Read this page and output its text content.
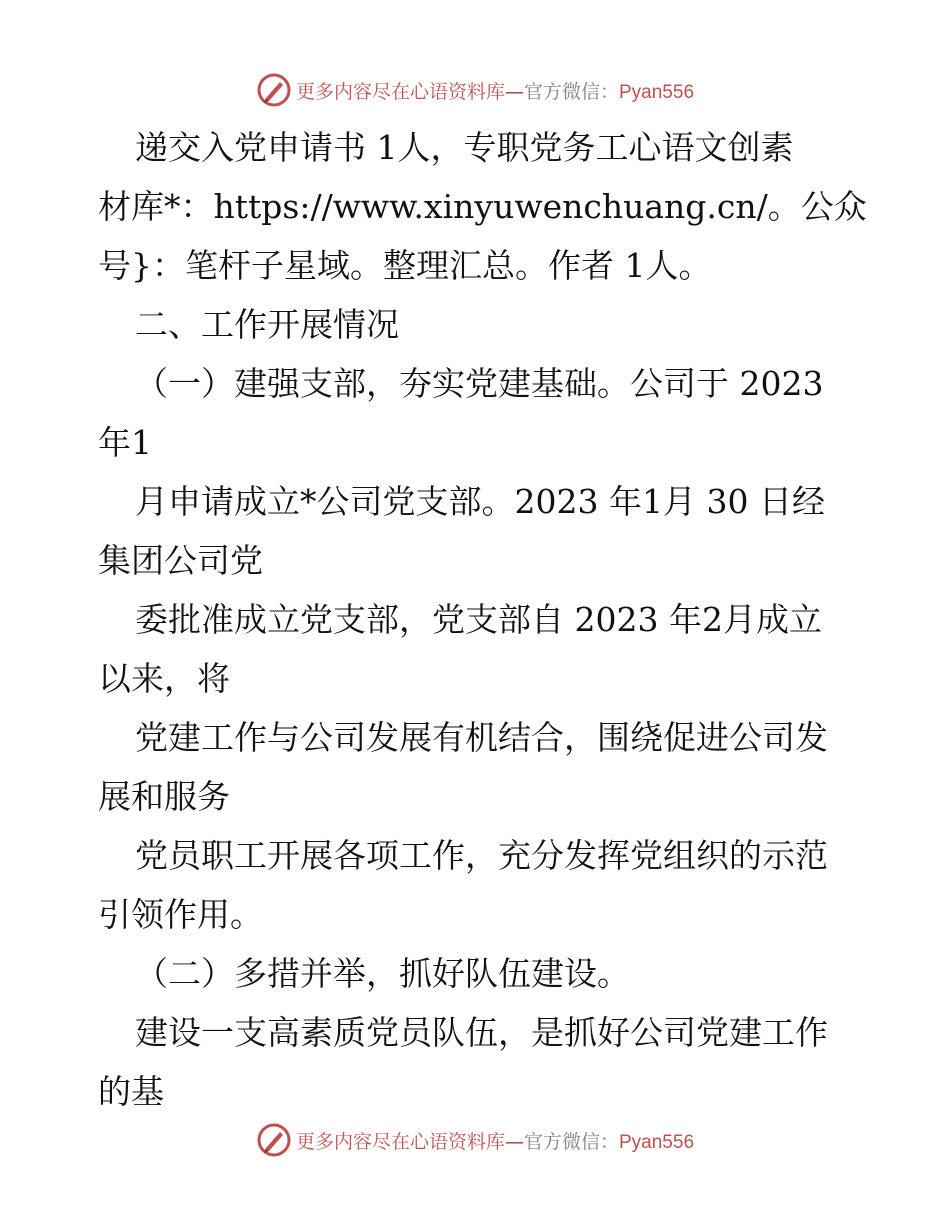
更多内容尽在心语资料库—官方微信：Pyan556

递交入党申请书 1人，专职党务工心语文创素

材库*：https://www.xinyuwenchuang.cn/。公众

号}：笔杆子星域。整理汇总。作者 1人。

二、工作开展情况

（一）建强支部，夯实党建基础。公司于 2023

年1

月申请成立*公司党支部。2023 年1月 30 日经

集团公司党

委批准成立党支部，党支部自 2023 年2月成立

以来，将

党建工作与公司发展有机结合，围绕促进公司发

展和服务

党员职工开展各项工作，充分发挥党组织的示范

引领作用。

（二）多措并举，抓好队伍建设。

建设一支高素质党员队伍，是抓好公司党建工作

的基

更多内容尽在心语资料库—官方微信：Pyan556
